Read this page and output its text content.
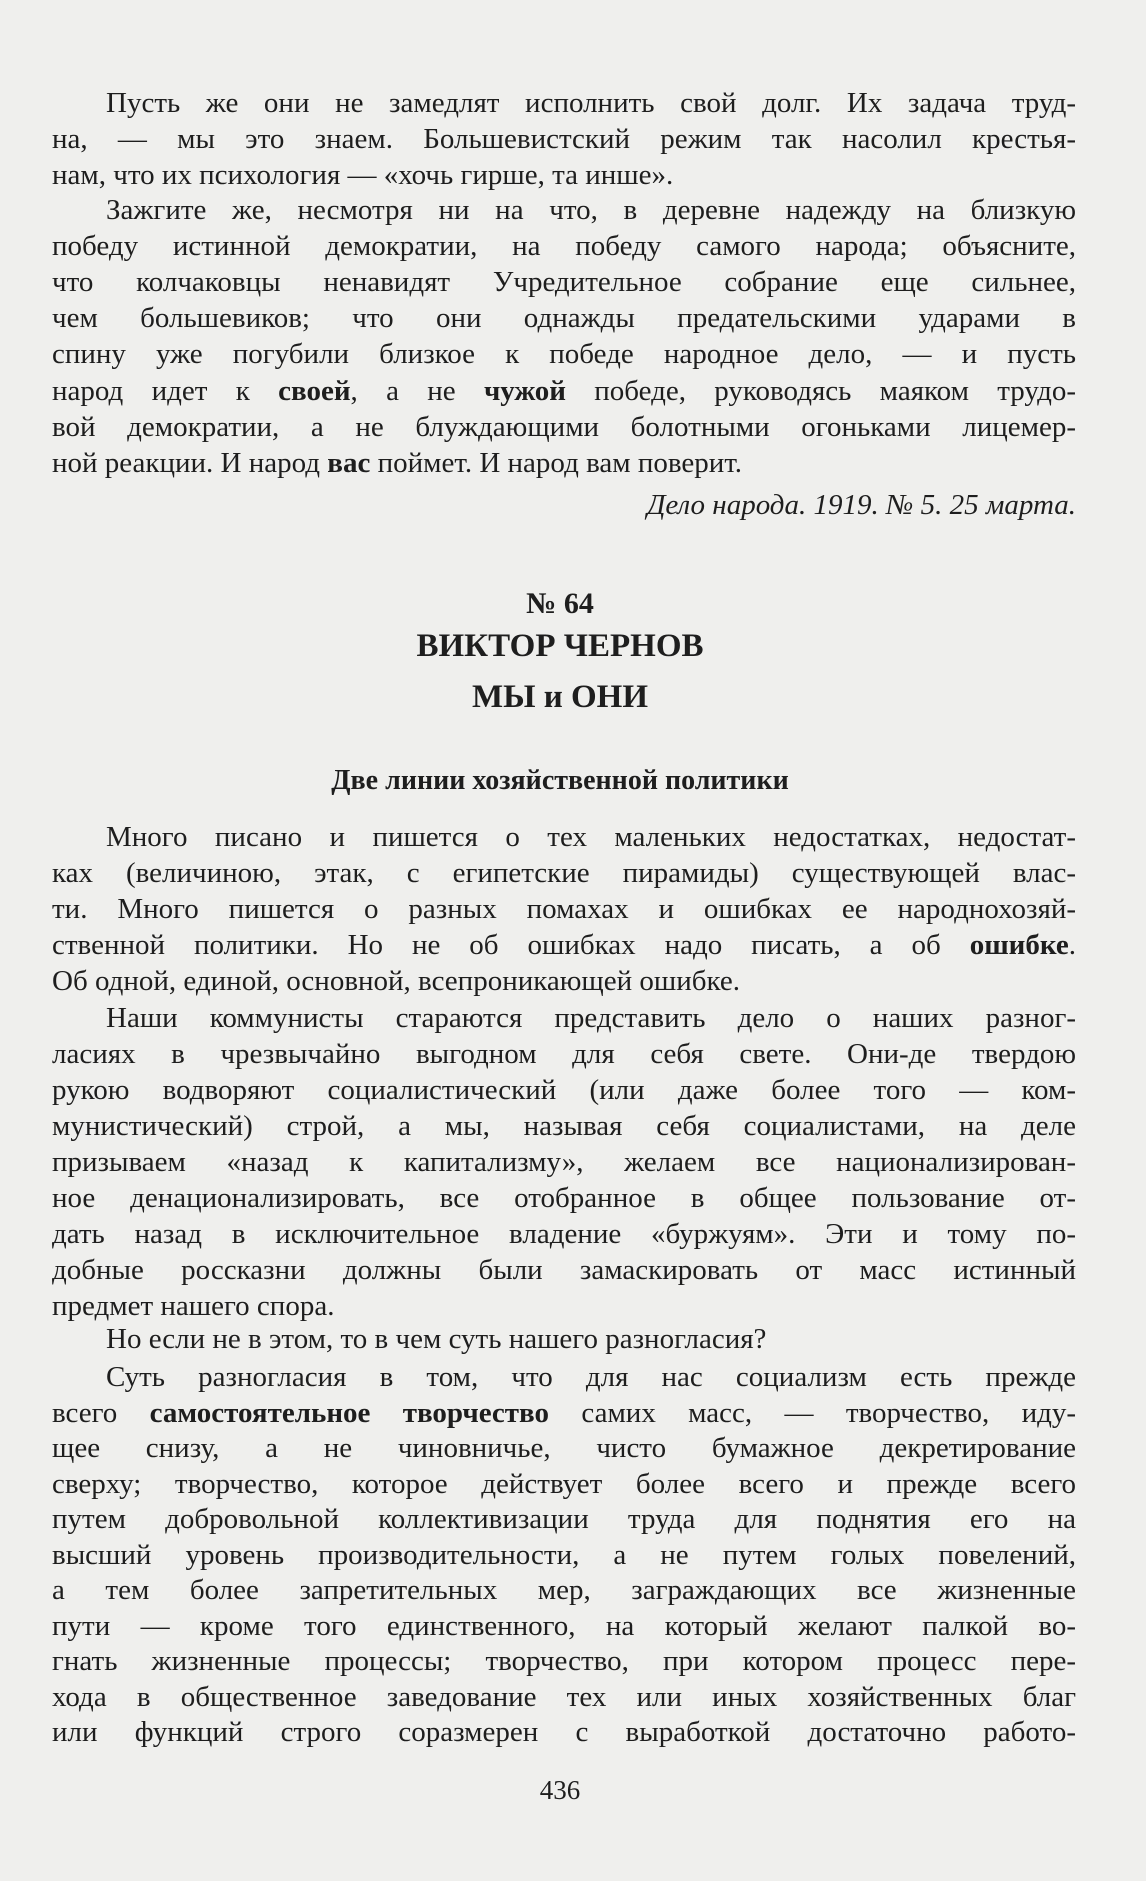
Пусть же они не замедлят исполнить свой долг. Их задача труд-
на, — мы это знаем. Большевистский режим так насолил крестья-
нам, что их психология — «хочь гирше, та инше».
Зажгите же, несмотря ни на что, в деревне надежду на близкую
победу истинной демократии, на победу самого народа; объясните,
что колчаковцы ненавидят Учредительное собрание еще сильнее,
чем большевиков; что они однажды предательскими ударами в
спину уже погубили близкое к победе народное дело, — и пусть
народ идет к своей, а не чужой победе, руководясь маяком трудо-
вой демократии, а не блуждающими болотными огоньками лицемер-
ной реакции. И народ вас поймет. И народ вам поверит.
Много писано и пишется о тех маленьких недостатках, недостат-
ках (величиною, этак, с египетские пирамиды) существующей влас-
ти. Много пишется о разных помахах и ошибках ее народнохозяй-
ственной политики. Но не об ошибках надо писать, а об ошибке.
Об одной, единой, основной, всепроникающей ошибке.
Наши коммунисты стараются представить дело о наших разног-
ласиях в чрезвычайно выгодном для себя свете. Они-де твердою
рукою водворяют социалистический (или даже более того — ком-
мунистический) строй, а мы, называя себя социалистами, на деле
призываем «назад к капитализму», желаем все национализирован-
ное денационализировать, все отобранное в общее пользование от-
дать назад в исключительное владение «буржуям». Эти и тому по-
добные россказни должны были замаскировать от масс истинный
предмет нашего спора.
Но если не в этом, то в чем суть нашего разногласия?
Суть разногласия в том, что для нас социализм есть прежде
всего самостоятельное творчество самих масс, — творчество, иду-
щее снизу, а не чиновничье, чисто бумажное декретирование
сверху; творчество, которое действует более всего и прежде всего
путем добровольной коллективизации труда для поднятия его на
высший уровень производительности, а не путем голых повелений,
а тем более запретительных мер, заграждающих все жизненные
пути — кроме того единственного, на который желают палкой во-
гнать жизненные процессы; творчество, при котором процесс пере-
хода в общественное заведование тех или иных хозяйственных благ
или функций строго соразмерен с выработкой достаточно работо-
Дело народа. 1919. № 5. 25 марта.
№ 64
ВИКТОР ЧЕРНОВ
МЫ и ОНИ
Две линии хозяйственной политики
436
